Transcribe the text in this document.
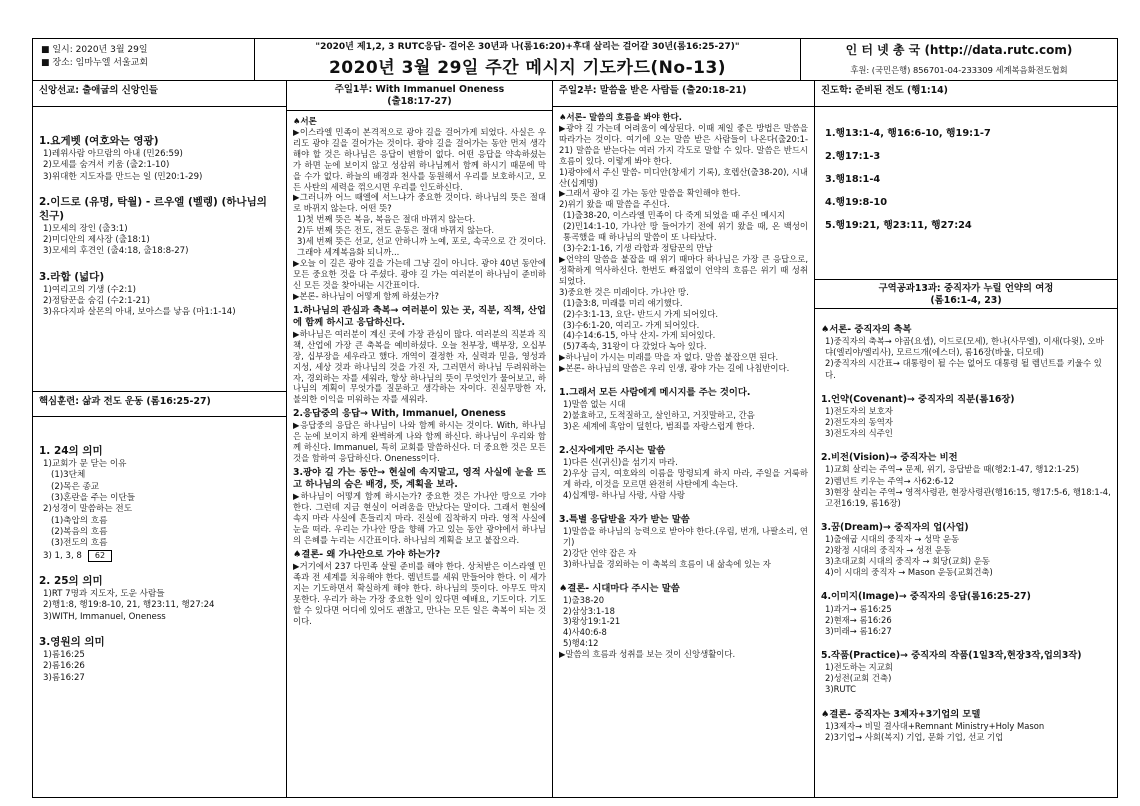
■ 일시: 2020년 3월 29일
■ 장소: 임마누엘 서울교회
"2020년 제1,2, 3 RUTC응답- 걸어온 30년과 나(롬16:20)+후대 살리는 걸어갈 30년(롬16:25-27)"
2020년 3월 29일 주간 메시지 기도카드(No-13)
인 터 넷 총 국 (http://data.rutc.com)
후원: (국민은행) 856701-04-233309 세계복음화전도협회
신앙선교: 출애굽의 신앙인들
1.요게벳 (여호와는 영광)
1)레위사람 아므람의 아내 (민26:59)
2)모세를 숨겨서 키움 (출2:1-10)
3)위대한 지도자를 만드는 일 (민20:1-29)
2.이드로 (유명, 탁월) - 르우엘 (벨렝) (하나님의 친구)
1)모세의 장인 (출3:1)
2)미디안의 제사장 (출18:1)
3)모세의 후견인 (출4:18, 출18:8-27)
3.라합 (넓다)
1)여리고의 기생 (수2:1)
2)정탐꾼을 숨김 (수2:1-21)
3)유다지파 살몬의 아내, 보아스를 낳음 (마1:1-14)
핵심훈련: 삶과 전도 운동 (롬16:25-27)
1. 24의 의미
1)교회가 문 닫는 이유
(1)3단체
(2)목은 종교
(3)혼란을 주는 이단들
2)성경이 말씀하는 전도
(1)축압의 흐름
(2)복음의 흐름
(3)전도의 흐름
3) 1, 3, 8 62
2. 25의 의미
1)RT 7명과 지도자, 도운 사람들
2)행1:8, 행19:8-10, 21, 행23:11, 행27:24
3)WITH, Immanuel, Oneness
3.영원의 의미
1)롬16:25
2)롬16:26
3)롬16:27
주일1부: With Immanuel Oneness
(출18:17-27)
♠서론
▶이스라엘 민족이 본격적으로 광야 길을 걸어가게 되었다. 사실은 우리도 광야 길을 걸어가는 것이다. 광야 길을 걸어가는 동안 먼저 생각해야 할 것은 하나님은 응답이 변함이 없다. 어떤 응답을 약속하셨는가 하면 눈에 보이지 않고 성삼위 하나님께서 함께 하시기 때문에 막을 수가 없다. 하늘의 배경과 천사를 동원해서 우리를 보호하시고, 모든 사탄의 세력을 꺾으시면 우리를 인도하신다.
▶그러니까 어느 때엘에 서느냐가 중요한 것이다. 하나님의 뜻은 절대로 바뀌지 않는다. 어떤 뜻?
1)첫 번째 뜻은 복음, 복음은 절대 바뀌지 않는다.
2)두 번째 뜻은 전도, 전도 운동은 절대 바뀌지 않는다.
3)세 번째 뜻은 선교, 선교 안하니까 노예, 포로, 속국으로 간 것이다. 그래야 세계복음화 되니까...
▶오늘 이 길은 광야 길을 가는데 그냥 길이 아니다. 광야 40년 동안에 모든 중요한 것을 다 주셨다. 광야 길 가는 여러분이 하나님이 준비하신 모든 것을 찾아내는 시간표이다.
▶본론- 하나님이 어떻게 함께 하셨는가?
1.하나님의 관심과 축복→ 여러분이 있는 곳, 직분, 직책, 산업에 함께 하시고 응답하신다.
▶하나님은 여러분이 계신 곳에 가장 관심이 많다. 여러분의 직분과 직책, 산업에 가장 큰 축복을 예비하셨다. 오늘 천부장, 백부장, 오십부장, 십부장을 세우라고 했다. 개역이 결정한 자, 실력과 믿음, 영성과 지성, 세상 것과 하나님의 것을 가진 자, 그러면서 하나님 두려워하는 자, 경외하는 자를 세워라, 항상 하나님의 뜻이 무엇인가 물어보고, 하나님의 계획이 무엇가를 질문하고 생각하는 자이다. 진실무망한 자, 불의한 이익을 미워하는 자를 세워라.
2.응답중의 응답→ With, Immanuel, Oneness
▶응답중의 응답은 하나님이 나와 함께 하시는 것이다. With, 하나님은 눈에 보이지 하게 완벽하게 나와 함께 하신다. 하나님이 우리와 함께 하신다. Immanuel, 특히 교회를 말씀하신다. 더 중요한 것은 모든 것을 함하여 응답하신다. Oneness이다.
3.광야 길 가는 동안→ 현실에 속지말고, 영적 사실에 눈을 뜨고 하나님의 숨은 배경, 뜻, 계획을 보라.
▶하나님이 어떻게 함께 하시는가? 중요한 것은 가나안 땅으로 가야 한다. 그런데 지금 현실이 어려움을 만났다는 말이다. 그래서 현실에 속지 마라 사실에 흔들리지 마라. 진실에 집착하지 마라. 영적 사실에 눈을 떠라. 우리는 가나안 땅을 향해 가고 있는 동안 광야에서 하나님의 은혜를 누리는 시간표이다. 하나님의 계획을 보고 붙잡으라.
♠결론- 왜 가나안으로 가야 하는가?
▶거기에서 237 다민족 살릴 준비를 해야 한다. 상처받은 이스라엘 민족과 전 세계를 치유해야 한다. 렘넌트를 세워 만들어야 한다. 이 세가지는 기도하면서 확실하게 해야 한다. 하나님의 뜻이다. 아무도 막지 못한다. 우리가 하는 가장 중요한 일이 있다면 예배요, 기도이다. 기도할 수 있다면 어디에 있어도 괜찮고, 만나는 모든 일은 축복이 되는 것이다.
주일2부: 말씀을 받은 사람들 (출20:18-21)
♠서론- 말씀의 흐름을 봐야 한다.
▶광야 길 가는데 어려움이 예상된다. 이때 제일 좋은 방법은 말씀을 따라가는 것이다. 여기에 오는 말씀 받은 사람들이 나온다(출20:1-21) 말씀을 받는다는 여러 가지 각도로 말할 수 있다. 말씀은 반드시 흐름이 있다. 이렇게 봐야 한다.
1)광야에서 주신 말씀- 미디안(창세기 기록), 호렙산(출38-20), 시내산(십계명)
▶그래서 광야 길 가는 동안 말씀을 확인해야 한다.
2)위기 왔을 때 말씀을 주신다.
(1)출38-20, 이스라엘 민족이 다 죽게 되었을 때 주신 메시지
(2)민14:1-10, 가나안 땅 들어가기 전에 위기 왔을 때, 온 백성이 통곡했을 때 하나님의 말씀이 또 나타났다.
(3)수2:1-16, 기생 라합과 정탐꾼의 만남
▶언약의 말씀을 붙잡을 때 위기 때마다 하나님은 가장 큰 응답으로, 정확하게 역사하신다. 한번도 빠짐없이 언약의 흐름은 위기 때 성취되었다.
3)중요한 것은 미래이다. 가나안 땅.
(1)출3:8, 미래를 미리 얘기했다.
(2)수3:1-13, 요단- 반드시 가게 되어있다.
(3)수6:1-20, 여리고- 가게 되어있다.
(4)수14:6-15, 아낙 산지- 가게 되어있다.
(5)7족속, 31왕이 다 갔었다 녹아 있다.
▶하나님이 가시는 미래를 막을 자 없다. 말씀 붙잡으면 된다.
▶본론- 하나님의 말씀은 우리 인생, 광야 가는 길에 나침반이다.
1.그래서 모든 사람에게 메시지를 주는 것이다.
1)말씀 없는 시대
2)불효하고, 도적질하고, 살인하고, 거짓말하고, 간음
3)온 세계에 흑암이 덮힌다, 범죄를 자랑스럽게 한다.
2.신자에게만 주시는 말씀
1)다른 신(귀신)을 섬기지 마라.
2)우상 금지, 여호와의 이름을 망령되게 하지 마라, 주일을 거룩하게 하라, 이것을 모르면 완전히 사탄에게 속는다.
4)십계명- 하나님 사랑, 사람 사랑
3.특별 응답받을 자가 받는 말씀
1)말씀을 하나님의 능력으로 받아야 한다.(우림, 번개, 나팔소리, 연기)
2)강단 언약 잡은 자
3)하나님을 경외하는 이 축복의 흐름이 내 삶속에 있는 자
♠결론- 시대마다 주시는 말씀
1)출38-20
2)삼상3:1-18
3)왕상19:1-21
4)사40:6-8
5)행4:12
▶말씀의 흐름과 성취를 보는 것이 신앙생활이다.
진도학: 준비된 전도 (행1:14)
1.행13:1-4, 행16:6-10, 행19:1-7
2.행17:1-3
3.행18:1-4
4.행19:8-10
5.행19:21, 행23:11, 행27:24
구역공과13과: 중직자가 누릴 언약의 여정
(롬16:1-4, 23)
♠서론- 중직자의 축복
1)중직자의 축복→ 야곱(요셉), 이드로(모세), 한나(사무엘), 이새(다윗), 오바댜(엘리야/엘리사), 모르드개(에스더), 롬16장(바울, 디모데)
2)중직자의 시간표→ 대통령이 될 수는 없어도 대통령 될 렘넌트를 키울수 있다.
1.언약(Covenant)→ 중직자의 직분(롬16장)
1)전도자의 보호자
2)전도자의 동역자
3)전도자의 식주인
2.비전(Vision)→ 중직자는 비전
1)교회 살리는 주역→ 문제, 위기, 응답받을 때(행2:1-47, 행12:1-25)
2)렘넌트 키우는 주역→ 사62:6-12
3)현장 살리는 주역→ 영적사령관, 현장사령관(행16:15, 행17:5-6, 행18:1-4, 고전16:19, 롬16장)
3.꿈(Dream)→ 중직자의 업(사업)
1)출애굽 시대의 중직자 → 성막 운동
2)왕정 시대의 중직자 → 성전 운동
3)초대교회 시대의 중직자 → 회당(교회) 운동
4)이 시대의 중직자 → Mason 운동(교회건축)
4.이미지(Image)→ 중직자의 응답(롬16:25-27)
1)과거→ 롬16:25
2)현재→ 롬16:26
3)미래→ 롬16:27
5.작품(Practice)→ 중직자의 작품(1일3작,현장3작,업의3작)
1)전도하는 지교회
2)성전(교회 건축)
3)RUTC
♠결론- 중직자는 3제자+3기업의 모델
1)3제자→ 비밀 결사대+Remnant Ministry+Holy Mason
2)3기업→ 사회(복지) 기업, 문화 기업, 선교 기업
